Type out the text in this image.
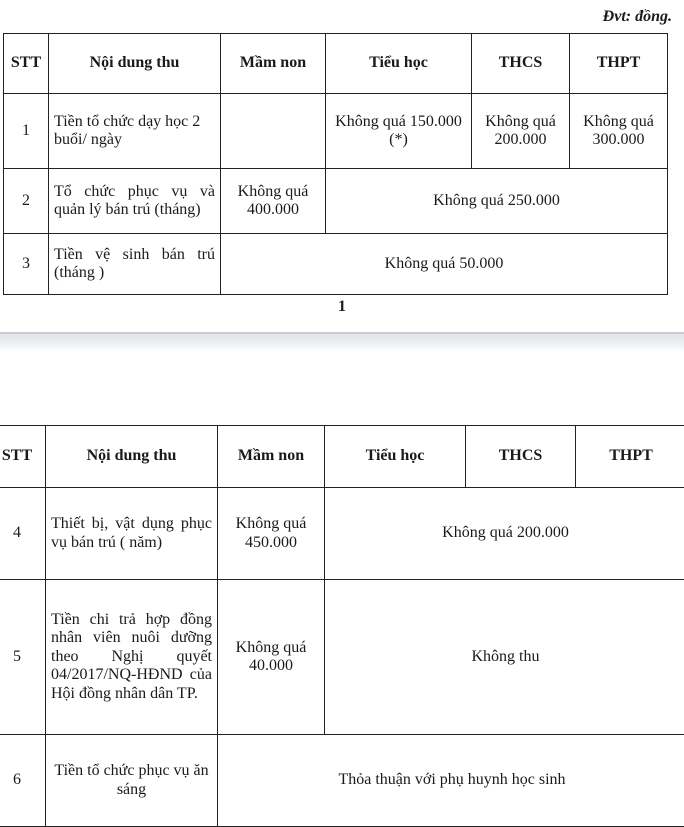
Đvt: đồng.
STT	Nội dung thu	Mầm non	Tiểu học	THCS	THPT
1	Tiền tổ chức dạy học 2 buổi/ ngày		Không quá 150.000 (*)	Không quá 200.000	Không quá 300.000
2	Tổ chức phục vụ và quản lý bán trú (tháng)	Không quá 400.000	Không quá 250.000		
3	Tiền vệ sinh bán trú (tháng )	Không quá 50.000			
1
STT	Nội dung thu	Mầm non	Tiểu học	THCS	THPT
4	Thiết bị, vật dụng phục vụ bán trú ( năm)	Không quá 450.000	Không quá 200.000		
5	Tiền chi trả hợp đồng nhân viên nuôi dưỡng theo Nghị quyết 04/2017/NQ-HĐND của Hội đồng nhân dân TP.	Không quá 40.000	Không thu		
6	Tiền tổ chức phục vụ ăn sáng	Thỏa thuận với phụ huynh học sinh			
